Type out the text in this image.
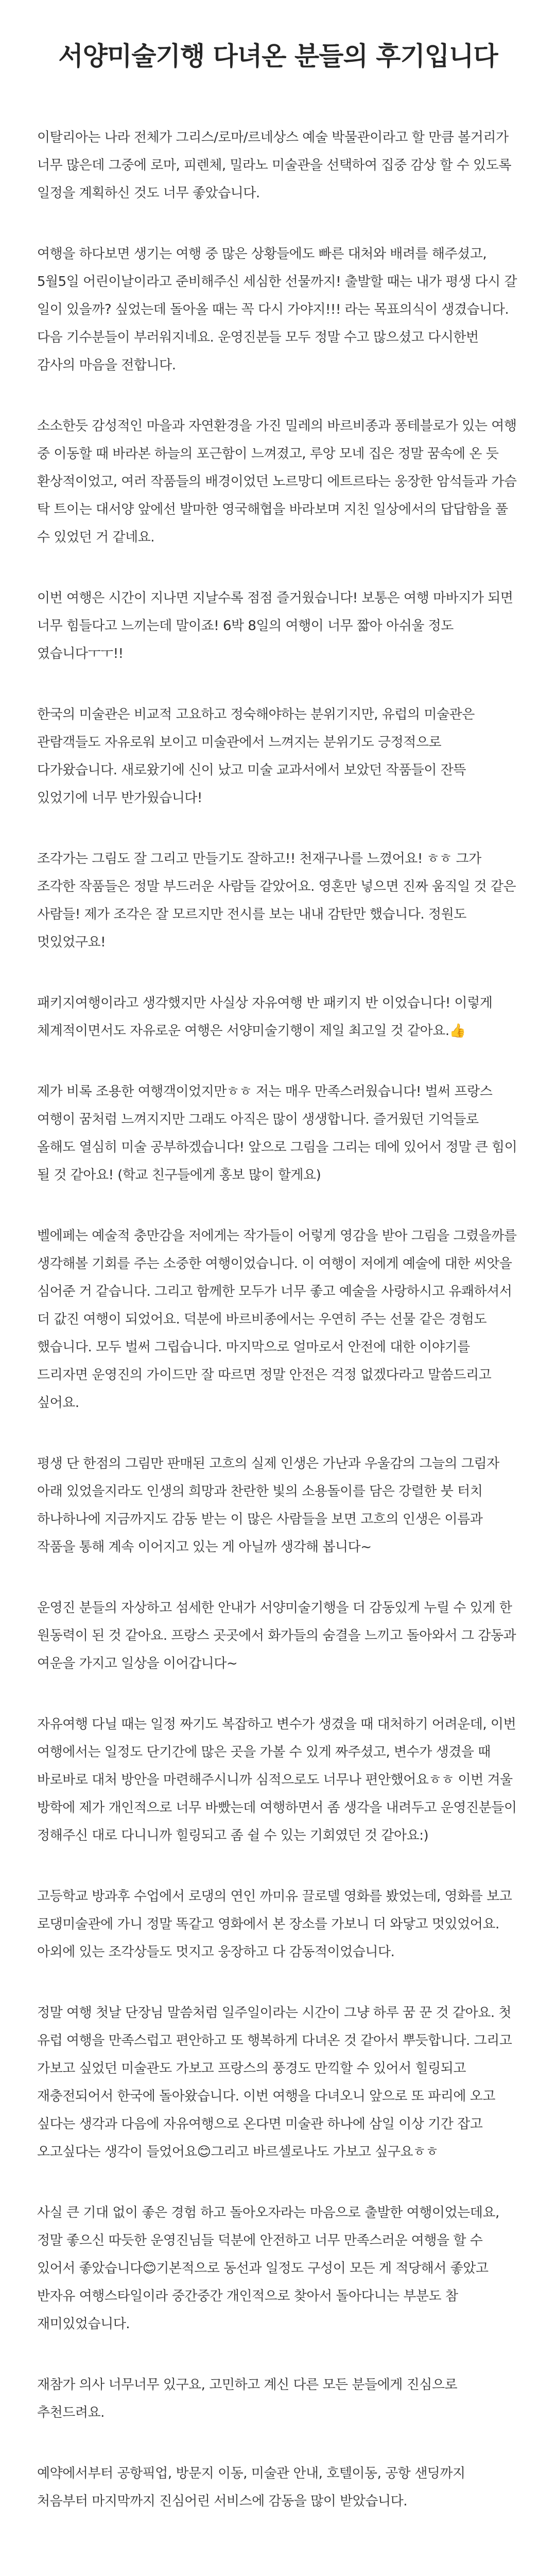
서양미술기행 다녀온 분들의 후기입니다

이탈리아는 나라 전체가 그리스/로마/르네상스 예술 박물관이라고 할 만큼 볼거리가 너무 많은데 그중에 로마, 피렌체, 밀라노 미술관을 선택하여 집중 감상 할 수 있도록 일정을 계획하신 것도 너무 좋았습니다.

여행을 하다보면 생기는 여행 중 많은 상황들에도 빠른 대처와 배려를 해주셨고, 5월5일 어린이날이라고 준비해주신 세심한 선물까지! 출발할 때는 내가 평생 다시 갈 일이 있을까? 싶었는데 돌아올 때는 꼭 다시 가야지!!! 라는 목표의식이 생겼습니다. 다음 기수분들이 부러워지네요. 운영진분들 모두 정말 수고 많으셨고 다시한번 감사의 마음을 전합니다.

소소한듯 감성적인 마을과 자연환경을 가진 밀레의 바르비종과 퐁테블로가 있는 여행 중 이동할 때 바라본 하늘의 포근함이 느껴졌고, 루앙 모네 집은 정말 꿈속에 온 듯 환상적이었고, 여러 작품들의 배경이었던 노르망디 에트르타는 웅장한 암석들과 가슴 탁 트이는 대서양 앞에선 발마한 영국해협을 바라보며 지친 일상에서의 답답함을 풀 수 있었던 거 같네요.

이번 여행은 시간이 지나면 지날수록 점점 즐거웠습니다! 보통은 여행 마바지가 되면 너무 힘들다고 느끼는데 말이죠! 6박 8일의 여행이 너무 짧아 아쉬울 정도 였습니다ㅜㅜ!!

한국의 미술관은 비교적 고요하고 정숙해야하는 분위기지만, 유럽의 미술관은 관람객들도 자유로워 보이고 미술관에서 느껴지는 분위기도 긍정적으로 다가왔습니다. 새로왔기에 신이 났고 미술 교과서에서 보았던 작품들이 잔뜩 있었기에 너무 반가웠습니다!

조각가는 그림도 잘 그리고 만들기도 잘하고!! 천재구나를 느꼈어요! ㅎㅎ 그가 조각한 작품들은 정말 부드러운 사람들 같았어요. 영혼만 넣으면 진짜 움직일 것 같은 사람들! 제가 조각은 잘 모르지만 전시를 보는 내내 감탄만 했습니다. 정원도 멋있었구요!

패키지여행이라고 생각했지만 사실상 자유여행 반 패키지 반 이었습니다! 이렇게 체계적이면서도 자유로운 여행은 서양미술기행이 제일 최고일 것 같아요.👍

제가 비록 조용한 여행객이었지만ㅎㅎ 저는 매우 만족스러웠습니다! 벌써 프랑스 여행이 꿈처럼 느껴지지만 그래도 아직은 많이 생생합니다. 즐거웠던 기억들로 올해도 열심히 미술 공부하겠습니다! 앞으로 그림을 그리는 데에 있어서 정말 큰 힘이 될 것 같아요! (학교 친구들에게 홍보 많이 할게요)

벨에페는 예술적 충만감을 저에게는 작가들이 어렇게 영감을 받아 그림을 그렸을까를 생각해볼 기회를 주는 소중한 여행이었습니다. 이 여행이 저에게 예술에 대한 씨앗을 심어준 거 같습니다. 그리고 함께한 모두가 너무 좋고 예술을 사랑하시고 유쾌하셔서 더 값진 여행이 되었어요. 덕분에 바르비종에서는 우연히 주는 선물 같은 경험도 했습니다. 모두 벌써 그립습니다. 마지막으로 얼마로서 안전에 대한 이야기를 드리자면 운영진의 가이드만 잘 따르면 정말 안전은 걱정 없겠다라고 말씀드리고 싶어요.

평생 단 한점의 그림만 판매된 고흐의 실제 인생은 가난과 우울감의 그늘의 그림자 아래 있었을지라도 인생의 희망과 찬란한 빛의 소용돌이를 담은 강렬한 붓 터치 하나하나에 지금까지도 감동 받는 이 많은 사람들을 보면 고흐의 인생은 이름과 작품을 통해 계속 이어지고 있는 게 아닐까 생각해 봅니다~

운영진 분들의 자상하고 섬세한 안내가 서양미술기행을 더 감동있게 누릴 수 있게 한 원동력이 된 것 같아요. 프랑스 곳곳에서 화가들의 숨결을 느끼고 돌아와서 그 감동과 여운을 가지고 일상을 이어갑니다~

자유여행 다닐 때는 일정 짜기도 복잡하고 변수가 생겼을 때 대처하기 어려운데, 이번 여행에서는 일정도 단기간에 많은 곳을 가볼 수 있게 짜주셨고, 변수가 생겼을 때 바로바로 대처 방안을 마련해주시니까 심적으로도 너무나 편안했어요ㅎㅎ 이번 겨울 방학에 제가 개인적으로 너무 바빴는데 여행하면서 좀 생각을 내려두고 운영진분들이 정해주신 대로 다니니까 힐링되고 좀 쉴 수 있는 기회였던 것 같아요:)

고등학교 방과후 수업에서 로댕의 연인 까미유 끌로델 영화를 봤었는데, 영화를 보고 로댕미술관에 가니 정말 똑같고 영화에서 본 장소를 가보니 더 와닿고 멋있었어요. 아외에 있는 조각상들도 멋지고 웅장하고 다 감동적이었습니다.

정말 여행 첫날 단장님 말씀처럼 일주일이라는 시간이 그냥 하루 꿈 꾼 것 같아요. 첫 유럽 여행을 만족스럽고 편안하고 또 행복하게 다녀온 것 같아서 뿌듯합니다. 그리고 가보고 싶었던 미술관도 가보고 프랑스의 풍경도 만끽할 수 있어서 힐링되고 재충전되어서 한국에 돌아왔습니다. 이번 여행을 다녀오니 앞으로 또 파리에 오고 싶다는 생각과 다음에 자유여행으로 온다면 미술관 하나에 삼일 이상 기간 잡고 오고싶다는 생각이 들었어요😊그리고 바르셀로나도 가보고 싶구요ㅎㅎ

사실 큰 기대 없이 좋은 경험 하고 돌아오자라는 마음으로 출발한 여행이었는데요, 정말 좋으신 따듯한 운영진님들 덕분에 안전하고 너무 만족스러운 여행을 할 수 있어서 좋았습니다😊기본적으로 동선과 일정도 구성이 모든 게 적당해서 좋았고 반자유 여행스타일이라 중간중간 개인적으로 찾아서 돌아다니는 부분도 참 재미있었습니다.

재참가 의사 너무너무 있구요, 고민하고 계신 다른 모든 분들에게 진심으로 추천드려요.

예약에서부터 공항픽업, 방문지 이동, 미술관 안내, 호텔이동, 공항 샌딩까지 처음부터 마지막까지 진심어린 서비스에 감동을 많이 받았습니다.
